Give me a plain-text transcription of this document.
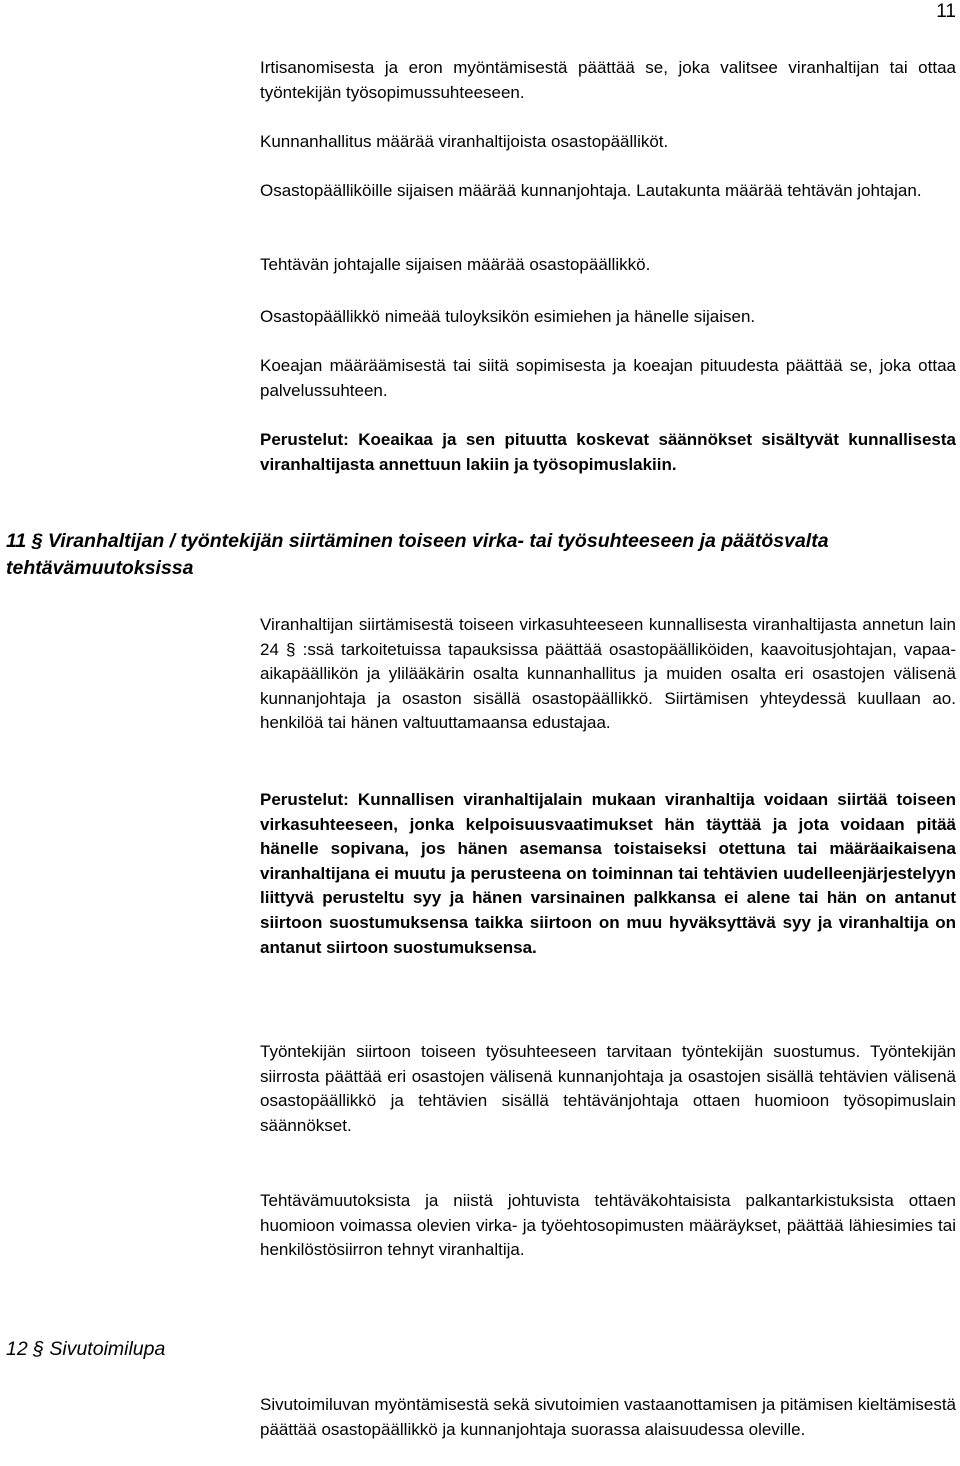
11

Irtisanomisesta ja eron myöntämisestä päättää se, joka valitsee viranhaltijan tai ottaa työntekijän työsopimussuhteeseen.

Kunnanhallitus määrää viranhaltijoista osastopäälliköt.

Osastopäälliköille sijaisen määrää kunnanjohtaja. Lautakunta määrää tehtävän johtajan.

Tehtävän johtajalle sijaisen määrää osastopäällikkö.

Osastopäällikkö nimeää tuloyksikön esimiehen ja hänelle sijaisen.

Koeajan määräämisestä tai siitä sopimisesta ja koeajan pituudesta päättää se, joka ottaa palvelussuhteen.

Perustelut: Koeaikaa ja sen pituutta koskevat säännökset sisältyvät kunnallisesta viranhaltijasta annettuun lakiin ja työsopimuslakiin.

11 § Viranhaltijan / työntekijän siirtäminen toiseen virka- tai työsuhteeseen ja päätösvalta tehtävämuutoksissa

Viranhaltijan siirtämisestä toiseen virkasuhteeseen kunnallisesta viranhaltijasta annetun lain 24 § :ssä tarkoitetuissa tapauksissa päättää osastopäälliköiden, kaavoitusjohtajan, vapaa-aikapäällikön ja ylilääkärin osalta kunnanhallitus ja muiden osalta eri osastojen välisenä kunnanjohtaja ja osaston sisällä osastopäällikkö. Siirtämisen yhteydessä kuullaan ao. henkilöä tai hänen valtuuttamaansa edustajaa.

Perustelut: Kunnallisen viranhaltijalain mukaan viranhaltija voidaan siirtää toiseen virkasuhteeseen, jonka kelpoisuusvaatimukset hän täyttää ja jota voidaan pitää hänelle sopivana, jos hänen asemansa toistaiseksi otettuna tai määräaikaisena viranhaltijana ei muutu ja perusteena on toiminnan tai tehtävien uudelleenjärjestelyyn liittyvä perusteltu syy ja hänen varsinainen palkkansa ei alene tai hän on antanut siirtoon suostumuksensa taikka siirtoon on muu hyväksyttävä syy ja viranhaltija on antanut siirtoon suostumuksensa.

Työntekijän siirtoon toiseen työsuhteeseen tarvitaan työntekijän suostumus. Työntekijän siirrosta päättää eri osastojen välisenä kunnanjohtaja ja osastojen sisällä tehtävien välisenä osastopäällikkö ja tehtävien sisällä tehtävänjohtaja ottaen huomioon työsopimuslain säännökset.

Tehtävämuutoksista ja niistä johtuvista tehtäväkohtaisista palkantarkistuksista ottaen huomioon voimassa olevien virka- ja työehtosopimusten määräykset, päättää lähiesimies tai henkilöstösiirron tehnyt viranhaltija.

12 § Sivutoimilupa

Sivutoimiluvan myöntämisestä sekä sivutoimien vastaanottamisen ja pitämisen kieltämisestä päättää osastopäällikkö ja kunnanjohtaja suorassa alaisuudessa oleville.
